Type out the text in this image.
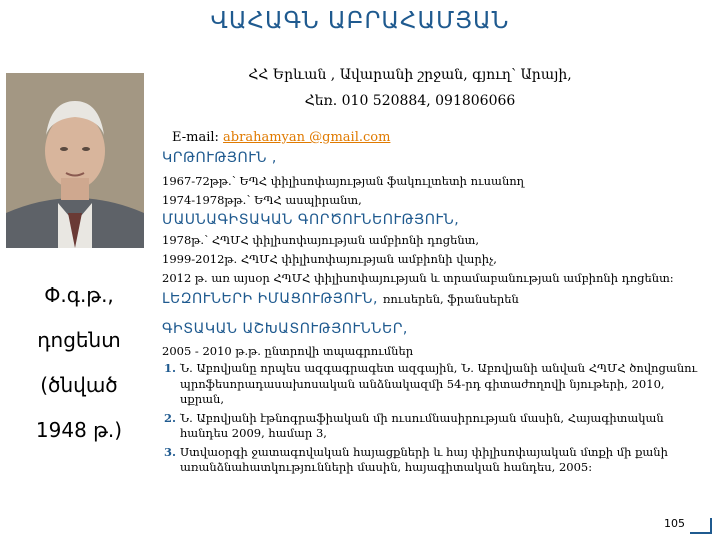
ՎԱՀԱԳՆ ԱԲՐԱՀԱՄՅԱՆ
ՀՀ Երևան , Ավարանի շրջան, գյուղ՝ Արայի,
Հեռ. 010 520884, 091806066
Փ.գ.թ.,
դոցենտ
(ծնված
1948 թ.)
E-mail: abrahamyan @gmail.com

ԿՐԹՈՒԹՅՈՒՆ ,

1967-72թթ.՝ ԵՊՀ փիլիսոփայության ֆակուլտետի ուսանող

1974-1978թթ.՝ ԵՊՀ ասպիրանտ,

ՄԱՍՆԱԳԻՏԱԿԱՆ ԳՈՐԾՈՒՆԵՈՒԹՅՈՒՆ,

1978թ.՝ ՀՊՄՀ փիլիսոփայության ամբիոնի դոցենտ,

1999-2012թ. ՀՊՄՀ փիլիսոփայության ամբիոնի վարիչ,

2012 թ. առ այսօր ՀՊՄՀ փիլիսոփայության և տրամաբանության ամբիոնի դոցենտ:

ԼԵԶՈՒՆԵՐԻ ԻՄԱՑՈՒԹՅՈՒՆ, ռուսերեն, ֆրանսերեն

ԳԻՏԱԿԱՆ ԱՇԽԱՏՈՒԹՅՈՒՆՆԵՐ,

2005 - 2010 թ.թ. ընտրովի տպագրումներ

1. Ն. Աբովյանը որպես ազգագրագետ ազգային, Ն. Աբովյանի անվան ՀՊՄՀ ծովոցանու պրոֆեսորադասախոսական անձնակազմի 54-րդ գիտաժողովի նյութերի, 2010, սքրան,
2. Ն. Աբովյանի էթնոգրաֆիական մի ուսումնասիրության մասին, Հայագիտական հանդես 2009, համար 3,
3. Ստվաօրգի ջատագովական հայացքների և հայ փիլիսոփայական մտքի մի քանի առանձնահատկությունների մասին, հայագիտական հանդես, 2005:
105
